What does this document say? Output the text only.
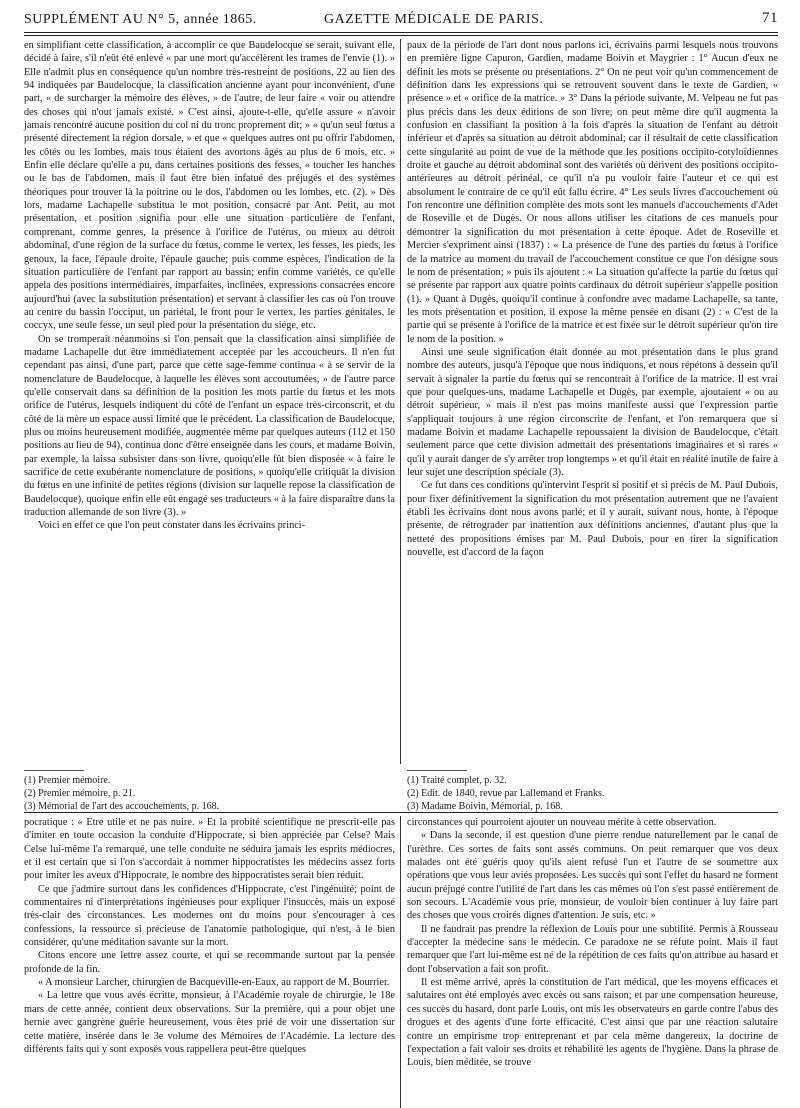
SUPPLÉMENT AU N° 5, année 1865.	GAZETTE MÉDICALE DE PARIS.	71

en simplifiant cette classification, à accomplir ce que Baudelocque se serait, suivant elle, décidé à faire, s'il n'eût été enlevé « par une mort qu'accélèrent les trames de l'envie (1). » Elle n'admit plus en conséquence qu'un nombre très-restreint de positions, 22 au lien des 94 indiquées par Baudelocque, la classification ancienne ayant pour inconvénient, d'une part, « de surcharger la mémoire des élèves, » de l'autre, de leur faire « voir ou attendre des choses qui n'out jamais existé. » C'est ainsi, ajoute-t-elle, qu'elle assure « n'avoir jamais rencontré aucune position du col ni du tronc proprement dit; » « qu'un seul fœtus a présenté directement la région dorsale, » et que « quelques autres ont pu offrir l'abdomen, les côtés ou les lombes, mais tous étaient des avortons âgés au plus de 6 mois, etc. » Enfin elle déclare qu'elle a pu, dans certaines positions des fesses, « toucher les hanches ou le bas de l'abdomen, mais il faut être bien infatué des préjugés et des systèmes théoriques pour trouver là la poitrine ou le dos, l'abdomen ou les lombes, etc. (2). » Dès lors, madame Lachapelle substitua le mot position, consacré par Ant. Petit, au mot présentation, et position signifia pour elle une situation particulière de l'enfant, comprenant, comme genres, la présence à l'orifice de l'utérus, ou mieux au détroit abdominal, d'une région de la surface du fœtus, comme le vertex, les fesses, les pieds, les genoux, la face, l'épaule droite, l'épaule gauche; puis comme espèces, l'indication de la situation particulière de l'enfant par rapport au bassin; enfin comme variétés, ce qu'elle appela des positions intermédiaires, imparfaites, inclinées, expressions consacrées encore aujourd'hui (avec la substitution présentation) et servant à classifier les cas où l'on trouve au centre du bassin l'occiput, un pariétal, le front pour le vertex, les parties génitales, le coccyx, une seule fesse, un seul pied pour la présentation du siége, etc.

On se tromperait néanmoins si l'on pensait que la classification ainsi simplifiée de madame Lachapelle dut être immédiatement acceptée par les accoucheurs. Il n'en fut cependant pas ainsi, d'une part, parce que cette sage-femme continua « à se servir de la nomenclature de Baudelocque, à laquelle les élèves sont accoutumées, » de l'autre parce qu'elle conservait dans sa définition de la position les mots partie du fœtus et les mots orifice de l'utérus, lesquels indiquent du côté de l'enfant un espace très-circonscrit, et du côté de la mère un espace aussi limité que le précédent. La classification de Baudelocque, plus ou moins heureusement modifiée, augmentée même par quelques auteurs (112 et 150 positions au lieu de 94), continua donc d'être enseignée dans les cours, et madame Boivin, par exemple, la laissa subsister dans son livre, quoiqu'elle fût bien disposée « à faire le sacrifice de cette exubérante nomenclature de positions, » quoiqu'elle critiquât la division du fœtus en une infinité de petites régions (division sur laquelle repose la classification de Baudelocque), quoique enfin elle eût engagé ses traducteurs « à la faire disparaître dans la traduction allemande de son livre (3). »

Voici en effet ce que l'on peut constater dans les écrivains princi-

paux de la période de l'art dont nous parlons ici, écrivains parmi lesquels nous trouvons en première ligne Capuron, Gardien, madame Boivin et Maygrier : 1° Aucun d'eux ne définit les mots se présente ou présentations. 2° On ne peut voir qu'un commencement de définition dans les expressions qui se retrouvent souvent dans le texte de Gardien, « présence » et « orifice de la matrice. » 3° Dans la période suivante, M. Velpeau ne fut pas plus précis dans les deux éditions de son livre; on peut même dire qu'il augmenta la confusion en classifiant la position à la fois d'après la situation de l'enfant au détroit inférieur et d'après sa situation au détroit abdominal; car il résultait de cette classification cette singularité au point de vue de la méthode que les positions occipito-cotyloïdiennes droite et gauche au détroit abdominal sont des variétés où dérivent des positions occipito-antérieures au détroit périnéal, ce qu'il n'a pu vouloir faire l'auteur et ce qui est absolument le contraire de ce qu'il eût fallu écrire. 4° Les seuls livres d'accouchement où l'on rencontre une définition complète des mots sont les manuels d'accouchements d'Adet de Roseville et de Dugès. Or nous allons utiliser les citations de ces manuels pour démontrer la signification du mot présentation à cette époque. Adet de Roseville et Mercier s'expriment ainsi (1837) : « La présence de l'une des parties du fœtus à l'orifice de la matrice au moment du travail de l'accouchement constitue ce que l'on désigne sous le nom de présentation; » puis ils ajoutent : « La situation qu'affecte la partie du fœtus qui se présente par rapport aux quatre points cardinaux du détroit supérieur s'appelle position (1). » Quant à Dugès, quoiqu'il continue à confondre avec madame Lachapelle, sa tante, les mots présentation et position, il expose la même pensée en disant (2) : « C'est de la partie qui se présente à l'orifice de la matrice et est fixée sur le détroit supérieur qu'on tire le nom de la position. »

Ainsi une seule signification était donnée au mot présentation dans le plus grand nombre des auteurs, jusqu'à l'époque que nous indiquons, et nous répétons à dessein qu'il servait à signaler la partie du fœtus qui se rencontrait à l'orifice de la matrice. Il est vrai que pour quelques-uns, madame Lachapelle et Dugès, par exemple, ajoutaient « ou au détroit supérieur, » mais il n'est pas moins manifeste aussi que l'expression partie s'appliquait toujours à une région circonscrite de l'enfant, et l'on remarquera que si madame Boivin et madame Lachapelle repoussaient la division de Baudelocque, c'était seulement parce que cette division admettait des présentations imaginaires et si rares « qu'il y aurait danger de s'y arrêter trop longtemps » et qu'il était en réalité inutile de faire à leur sujet une description spéciale (3).

Ce fut dans ces conditions qu'intervint l'esprit si positif et si précis de M. Paul Dubois, pour fixer définitivement la signification du mot présentation autrement que ne l'avaient établi les écrivains dont nous avons parlé; et il y aurait, suivant nous, honte, à l'époque présente, de rétrograder par inattention aux définitions anciennes, d'autant plus que la netteté des propositions émises par M. Paul Dubois, pour en tirer la signification nouvelle, est d'accord de la façon

(1) Premier mémoire.

(2) Premier mémoire, p. 21.

(3) Mémorial de l'art des accouchements, p. 168.

(1) Traité complet, p. 32.

(2) Edit. de 1840, revue par Lallemand et Franks.

(3) Madame Boivin, Mémorial, p. 168.

pocratique : « Etre utile et ne pas nuire. » Et la probité scientifique ne prescrit-elle pas d'imiter en toute occasion la conduite d'Hippocrate, si bien appréciée par Celse? Mais Celse lui-même l'a remarqué, une telle conduite ne séduira jamais les esprits médiocres, et il est certain que si l'on s'accordait à nommer hippocratistes les médecins assez forts pour imiter les aveux d'Hippocrate, le nombre des hippocratistes serait bien réduit.

Ce que j'admire surtout dans les confidences d'Hippocrate, c'est l'ingénuité; point de commentaires ni d'interprétations ingénieuses pour expliquer l'insuccès, mais un exposé très-clair des circonstances. Les modernes ont du moins pour s'encourager à ces confessions, la ressource si précieuse de l'anatomie pathologique, qui n'est, à le bien considérer, qu'une méditation savante sur la mort.

Citons encore une lettre assez courte, et qui se recommande surtout par la pensée profonde de la fin.

« A monsieur Larcher, chirurgien de Bacqueville-en-Eaux, au rapport de M. Bourrier.

« La lettre que vous avés écritte, monsieur, à l'Académie royale de chirurgie, le 18e mars de cette année, contient deux observations. Sur la première, qui a pour objet une hernie avec gangrène guérie heureusement, vous êtes prié de voir une dissertation sur cette matière, insérée dans le 3e volume des Mémoires de l'Académie. La lecture des différents faits qui y sont exposés vous rappellera peut-être quelques

circonstances qui pourroient ajouter un nouveau mérite à cette observation.

« Dans la seconde, il est question d'une pierre rendue naturellement par le canal de l'urèthre. Ces sortes de faits sont assés communs. On peut remarquer que vos deux malades ont été guéris quoy qu'ils aient refusé l'un et l'autre de se soumettre aux opérations que vous leur aviés proposées. Les succès qui sont l'effet du hasard ne forment aucun préjugé contre l'utilité de l'art dans les cas mêmes où l'on s'est passé entièrement de son secours. L'Académie vous prie, monsieur, de vouloir bien continuer à luy faire part des choses que vous croirés dignes d'attention. Je suis, etc. »

Il ne faudrait pas prendre la réflexion de Louis pour une subtilité. Permis à Rousseau d'accepter la médecine sans le médecin. Ce paradoxe ne se réfute point. Mais il faut remarquer que l'art lui-même est né de la répétition de ces faits qu'on attribue au hasard et dont l'observation a fait son profit.

Il est même arrivé, après la constitution de l'art médical, que les moyens efficaces et salutaires ont été employés avec excès ou sans raison; et par une compensation heureuse, ces succès du hasard, dont parle Louis, ont mis les observateurs en garde contre l'abus des drogues et des agents d'une forte efficacité. C'est ainsi que par une réaction salutaire contre un empirisme trop entreprenant et par cela même dangereux, la doctrine de l'expectation a fait valoir ses droits et réhabilité les agents de l'hygiène. Dans la phrase de Louis, bien méditée, se trouve
